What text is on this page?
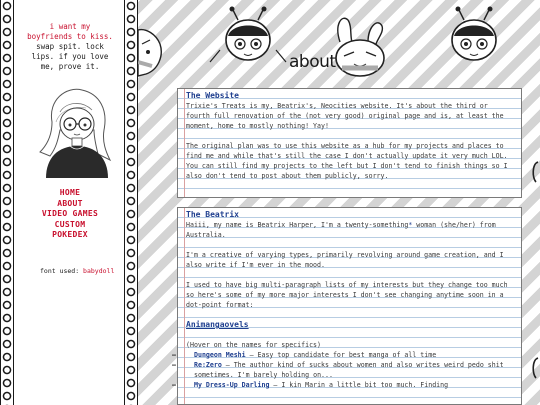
i want my
boyfriends to kiss.
swap spit. lock
lips. if you love
me, prove it.
HOME
ABOUT
VIDEO GAMES
CUSTOM
POKEDEX
font used: babydoll
about
The Website

Trixie's Treats is my, Beatrix's, Neocities website. It's about the third or fourth full renovation of the (not very good) original page and is, at least the moment, home to mostly nothing! Yay!

The original plan was to use this website as a hub for my projects and places to find me and while that's still the case I don't actually update it very much LOL. You can still find my projects to the left but I don't tend to finish things so I also don't tend to post about them publicly, sorry.

The Beatrix

Haiii, my name is Beatrix Harper, I'm a twenty-something* woman (she/her) from Australia.

I'm a creative of varying types, primarily revolving around game creation, and I also write if I'm ever in the mood.

I used to have big multi-paragraph lists of my interests but they change too much so here's some of my more major interests I don't see changing anytime soon in a dot-point format:

Animangaovels
(Hover on the names for specifics)
—	Dungeon Meshi — Easy top candidate for best manga of all time
—	Re:Zero — The author kind of sucks about women and also writes weird pedo shit sometimes. I'm barely holding on...
—	My Dress-Up Darling — I kin Marin a little bit too much. Finding
